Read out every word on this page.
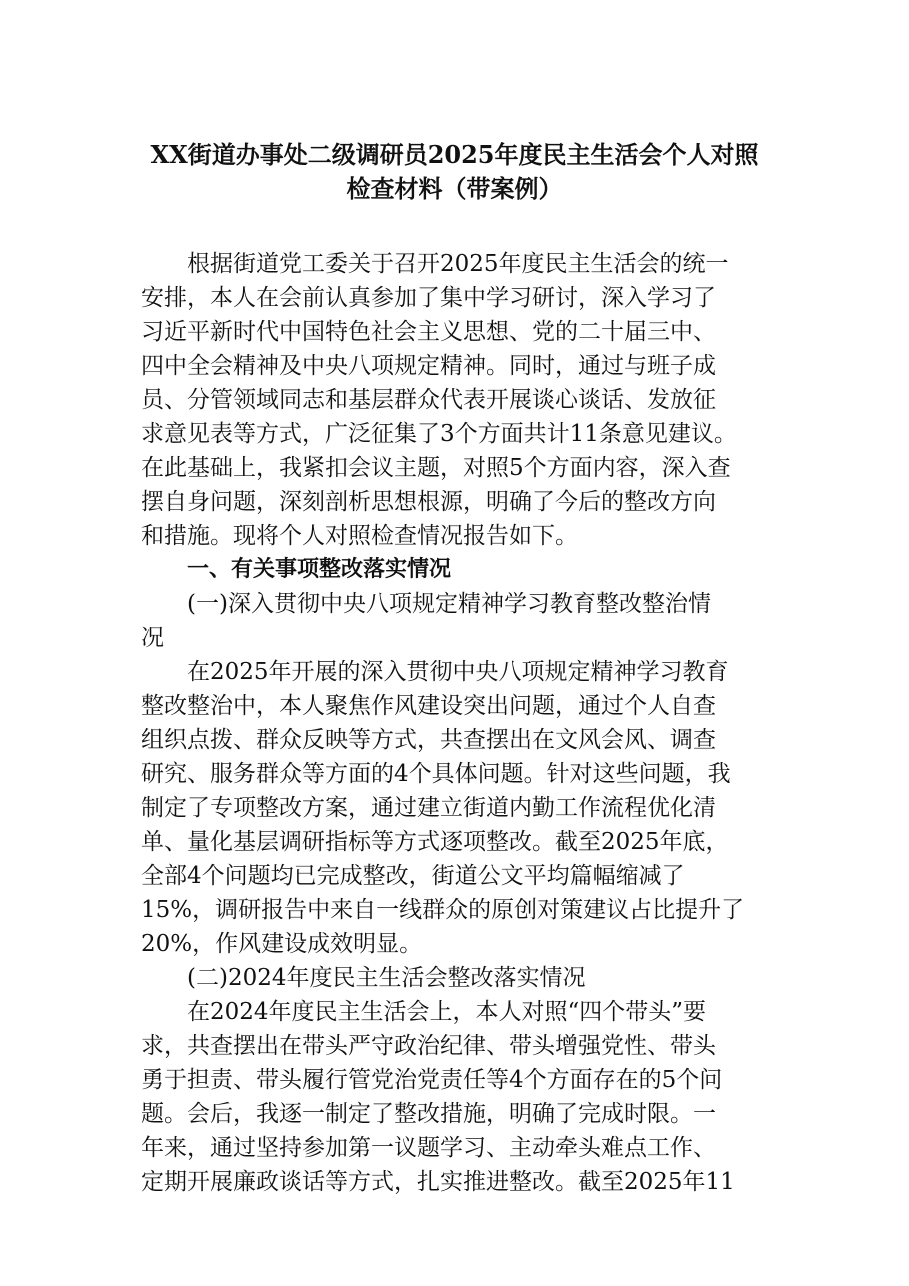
XX街道办事处二级调研员2025年度民主生活会个人对照
检查材料（带案例）
根据街道党工委关于召开2025年度民主生活会的统一
安排，本人在会前认真参加了集中学习研讨，深入学习了
习近平新时代中国特色社会主义思想、党的二十届三中、
四中全会精神及中央八项规定精神。同时，通过与班子成
员、分管领域同志和基层群众代表开展谈心谈话、发放征
求意见表等方式，广泛征集了3个方面共计11条意见建议。
在此基础上，我紧扣会议主题，对照5个方面内容，深入查
摆自身问题，深刻剖析思想根源，明确了今后的整改方向
和措施。现将个人对照检查情况报告如下。
一、有关事项整改落实情况
(一)深入贯彻中央八项规定精神学习教育整改整治情
况
在2025年开展的深入贯彻中央八项规定精神学习教育
整改整治中，本人聚焦作风建设突出问题，通过个人自查
组织点拨、群众反映等方式，共查摆出在文风会风、调查
研究、服务群众等方面的4个具体问题。针对这些问题，我
制定了专项整改方案，通过建立街道内勤工作流程优化清
单、量化基层调研指标等方式逐项整改。截至2025年底，
全部4个问题均已完成整改，街道公文平均篇幅缩减了
15%，调研报告中来自一线群众的原创对策建议占比提升了
20%，作风建设成效明显。
(二)2024年度民主生活会整改落实情况
在2024年度民主生活会上，本人对照“四个带头”要
求，共查摆出在带头严守政治纪律、带头增强党性、带头
勇于担责、带头履行管党治党责任等4个方面存在的5个问
题。会后，我逐一制定了整改措施，明确了完成时限。一
年来，通过坚持参加第一议题学习、主动牵头难点工作、
定期开展廉政谈话等方式，扎实推进整改。截至2025年11
